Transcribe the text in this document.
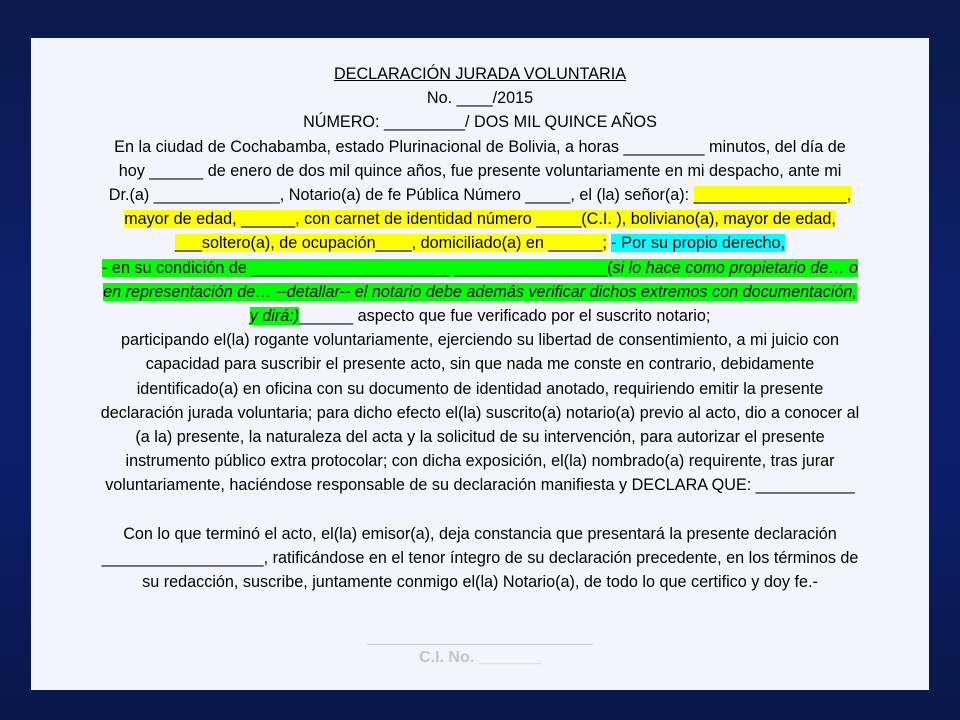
DECLARACIÓN JURADA VOLUNTARIA
No. ____/2015
NÚMERO: _________/ DOS MIL QUINCE AÑOS
En la ciudad de Cochabamba, estado Plurinacional de Bolivia, a horas _________ minutos, del día de
hoy ______ de enero de dos mil quince años, fue presente voluntariamente en mi despacho, ante mi
Dr.(a) ______________, Notario(a) de fe Pública Número _____, el (la) señor(a): _________________,
mayor de edad, ______, con carnet de identidad número _____(C.I. ), boliviano(a), mayor de edad,
___soltero(a), de ocupación____, domiciliado(a) en ______; - Por su propio derecho,
- en su condición de ______________________ _________________(si lo hace como propietario de… o
en representación de… --detallar-- el notario debe además verificar dichos extremos con documentación,
y dirá:)______ aspecto que fue verificado por el suscrito notario;
participando el(la) rogante voluntariamente, ejerciendo su libertad de consentimiento, a mi juicio con
capacidad para suscribir el presente acto, sin que nada me conste en contrario, debidamente
identificado(a) en oficina con su documento de identidad anotado, requiriendo emitir la presente
declaración jurada voluntaria; para dicho efecto el(la) suscrito(a) notario(a) previo al acto, dio a conocer al
(a la) presente, la naturaleza del acta y la solicitud de su intervención, para autorizar el presente
instrumento público extra protocolar; con dicha exposición, el(la) nombrado(a) requirente, tras jurar
voluntariamente, haciéndose responsable de su declaración manifiesta y DECLARA QUE: ___________
Con lo que terminó el acto, el(la) emisor(a), deja constancia que presentará la presente declaración
__________________, ratificándose en el tenor íntegro de su declaración precedente, en los términos de
su redacción, suscribe, juntamente conmigo el(la) Notario(a), de todo lo que certifico y doy fe.-
___________________________
C.I. No. _______
